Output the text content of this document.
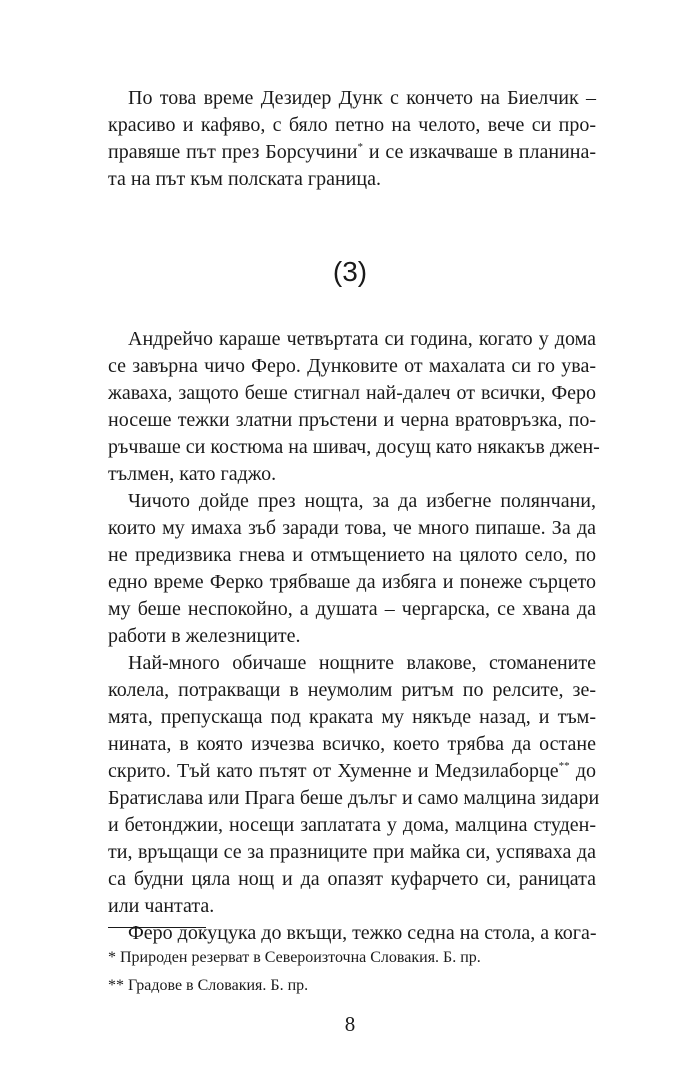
По това време Дезидер Дунк с кончето на Биелчик –
красиво и кафяво, с бяло петно на челото, вече си про-
правяше път през Борсучини* и се изкачваше в планина-
та на път към полската граница.
(3)
Андрейчо караше четвъртата си година, когато у дома
се завърна чичо Феро. Дунковите от махалата си го ува-
жаваха, защото беше стигнал най-далеч от всички, Феро
носеше тежки златни пръстени и черна вратовръзка, по-
ръчваше си костюма на шивач, досущ като някакъв джен-
тълмен, като гаджо.
Чичото дойде през нощта, за да избегне полянчани,
които му имаха зъб заради това, че много пипаше. За да
не предизвика гнева и отмъщението на цялото село, по
едно време Ферко трябваше да избяга и понеже сърцето
му беше неспокойно, а душата – чергарска, се хвана да
работи в железниците.
Най-много обичаше нощните влакове, стоманените
колела, потракващи в неумолим ритъм по релсите, зе-
мята, препускаща под краката му някъде назад, и тъм-
нината, в която изчезва всичко, което трябва да остане
скрито. Тъй като пътят от Хуменне и Медзилаборце** до
Братислава или Прага беше дълъг и само малцина зидари
и бетонджии, носещи заплатата у дома, малцина студен-
ти, връщащи се за празниците при майка си, успяваха да
са будни цяла нощ и да опазят куфарчето си, раницата
или чантата.
Феро докуцука до вкъщи, тежко седна на стола, а кога-
* Природен резерват в Североизточна Словакия. Б. пр.
** Градове в Словакия. Б. пр.
8
